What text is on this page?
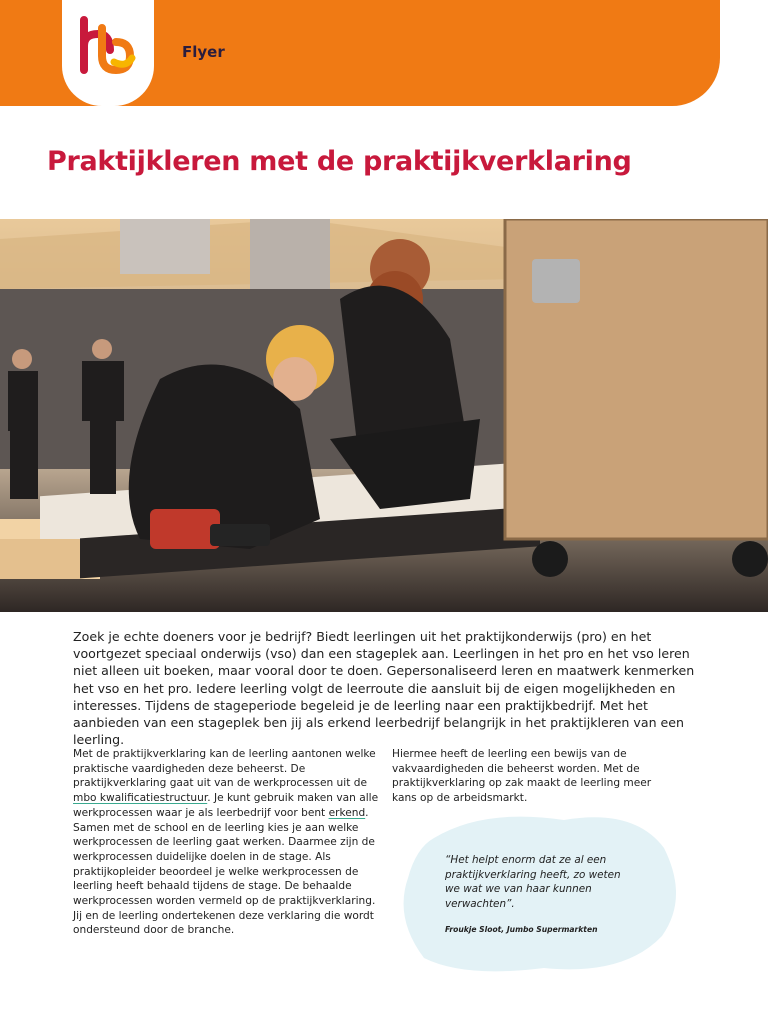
Flyer
Praktijkleren met de praktijkverklaring

Zoek je echte doeners voor je bedrijf? Biedt leerlingen uit het praktijkonderwijs (pro) en het voortgezet speciaal onderwijs (vso) dan een stageplek aan. Leerlingen in het pro en het vso leren niet alleen uit boeken, maar vooral door te doen. Gepersonaliseerd leren en maatwerk kenmerken het vso en het pro. Iedere leerling volgt de leerroute die aansluit bij de eigen mogelijkheden en interesses. Tijdens de stageperiode begeleid je de leerling naar een praktijkbedrijf. Met het aanbieden van een stageplek ben jij als erkend leerbedrijf belangrijk in het praktijkleren van een leerling.

Met de praktijkverklaring kan de leerling aantonen welke praktische vaardigheden deze beheerst. De praktijkverklaring gaat uit van de werkprocessen uit de mbo kwalificatiestructuur. Je kunt gebruik maken van alle werkprocessen waar je als leerbedrijf voor bent erkend. Samen met de school en de leerling kies je aan welke werkprocessen de leerling gaat werken. Daarmee zijn de werkprocessen duidelijke doelen in de stage. Als praktijkopleider beoordeel je welke werkprocessen de leerling heeft behaald tijdens de stage. De behaalde werkprocessen worden vermeld op de praktijkverklaring. Jij en de leerling ondertekenen deze verklaring die wordt ondersteund door de branche.

Hiermee heeft de leerling een bewijs van de vakvaardigheden die beheerst worden. Met de praktijkverklaring op zak maakt de leerling meer kans op de arbeidsmarkt.

“Het helpt enorm dat ze al een praktijkverklaring heeft, zo weten we wat we van haar kunnen verwachten”.

Froukje Sloot, Jumbo Supermarkten
